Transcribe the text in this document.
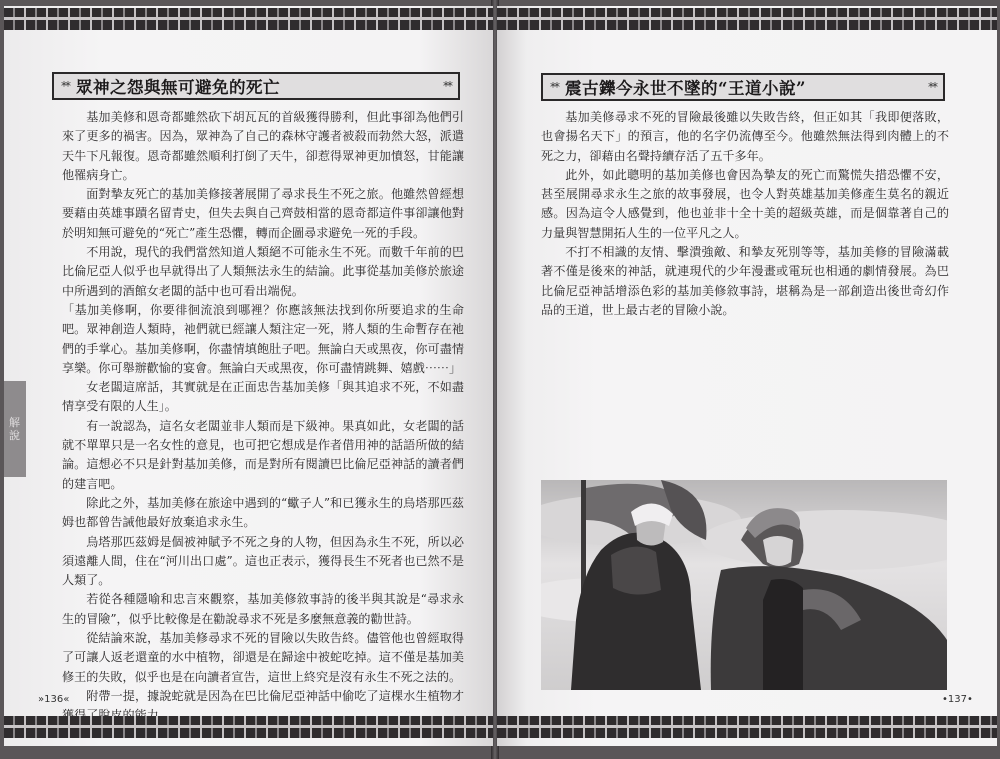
** 眾神之怨與無可避免的死亡	**

基加美修和恩奇都雖然砍下胡瓦瓦的首級獲得勝利，但此事卻為他們引來了更多的禍害。因為，眾神為了自己的森林守護者被殺而勃然大怒，派遣天牛下凡報復。恩奇都雖然順利打倒了天牛，卻惹得眾神更加憤怒，甘能讓他罹病身亡。

面對摯友死亡的基加美修接著展開了尋求長生不死之旅。他雖然曾經想要藉由英雄事蹟名留青史，但失去與自己齊鼓相當的恩奇都這件事卻讓他對於明知無可避免的“死亡”產生恐懼，轉而企圖尋求避免一死的手段。

不用說，現代的我們當然知道人類絕不可能永生不死。而數千年前的巴比倫尼亞人似乎也早就得出了人類無法永生的結論。此事從基加美修於旅途中所遇到的酒館女老闆的話中也可看出端倪。

「基加美修啊，你要徘徊流浪到哪裡？你應該無法找到你所要追求的生命吧。眾神創造人類時，祂們就已經讓人類注定一死，將人類的生命暫存在祂們的手掌心。基加美修啊，你盡情填飽肚子吧。無論白天或黑夜，你可盡情享樂。你可舉辦歡愉的宴會。無論白天或黑夜，你可盡情跳舞、嬉戲⋯⋯」

女老闆這席話，其實就是在正面忠告基加美修「與其追求不死，不如盡情享受有限的人生」。

有一說認為，這名女老闆並非人類而是下級神。果真如此，女老闆的話就不單單只是一名女性的意見，也可把它想成是作者借用神的話語所做的結論。這想必不只是針對基加美修，而是對所有閱讀巴比倫尼亞神話的讀者們的建言吧。

除此之外，基加美修在旅途中遇到的“蠍子人”和已獲永生的烏塔那匹茲姆也都曾告誡他最好放棄追求永生。

烏塔那匹茲姆是個被神賦予不死之身的人物，但因為永生不死，所以必須遠離人間，住在“河川出口處”。這也正表示，獲得長生不死者也已然不是人類了。

若從各種隱喻和忠言來觀察，基加美修敘事詩的後半與其說是“尋求永生的冒險”，似乎比較像是在勸說尋求不死是多麼無意義的勸世詩。

從結論來說，基加美修尋求不死的冒險以失敗告終。儘管他也曾經取得了可讓人返老還童的水中植物，卻還是在歸途中被蛇吃掉。這不僅是基加美修王的失敗，似乎也是在向讀者宣告，這世上終究是沒有永生不死之法的。

附帶一提，據說蛇就是因為在巴比倫尼亞神話中偷吃了這棵水生植物才

解說
»136«
** 震古鑠今永世不墜的“王道小說”	**

基加美修尋求不死的冒險最後雖以失敗告終，但正如其「我即便落敗，也會揚名天下」的預言，他的名字仍流傳至今。他雖然無法得到肉體上的不死之力，卻藉由名聲持續存活了五千多年。

此外，如此聰明的基加美修也會因為摯友的死亡而驚慌失措恐懼不安，甚至展開尋求永生之旅的故事發展，也令人對英雄基加美修產生莫名的親近感。因為這令人感覺到，他也並非十全十美的超級英雄，而是個靠著自己的力量與智慧開拓人生的一位平凡之人。

不打不相識的友情、擊潰強敵、和摯友死別等等，基加美修的冒險滿載著不僅是後來的神話，就連現代的少年漫畫或電玩也相通的劇情發展。為巴比倫尼亞神話增添色彩的基加美修敘事詩，堪稱為是一部創造出後世奇幻作品的王道，世上最古老的冒險小說。

•137•
